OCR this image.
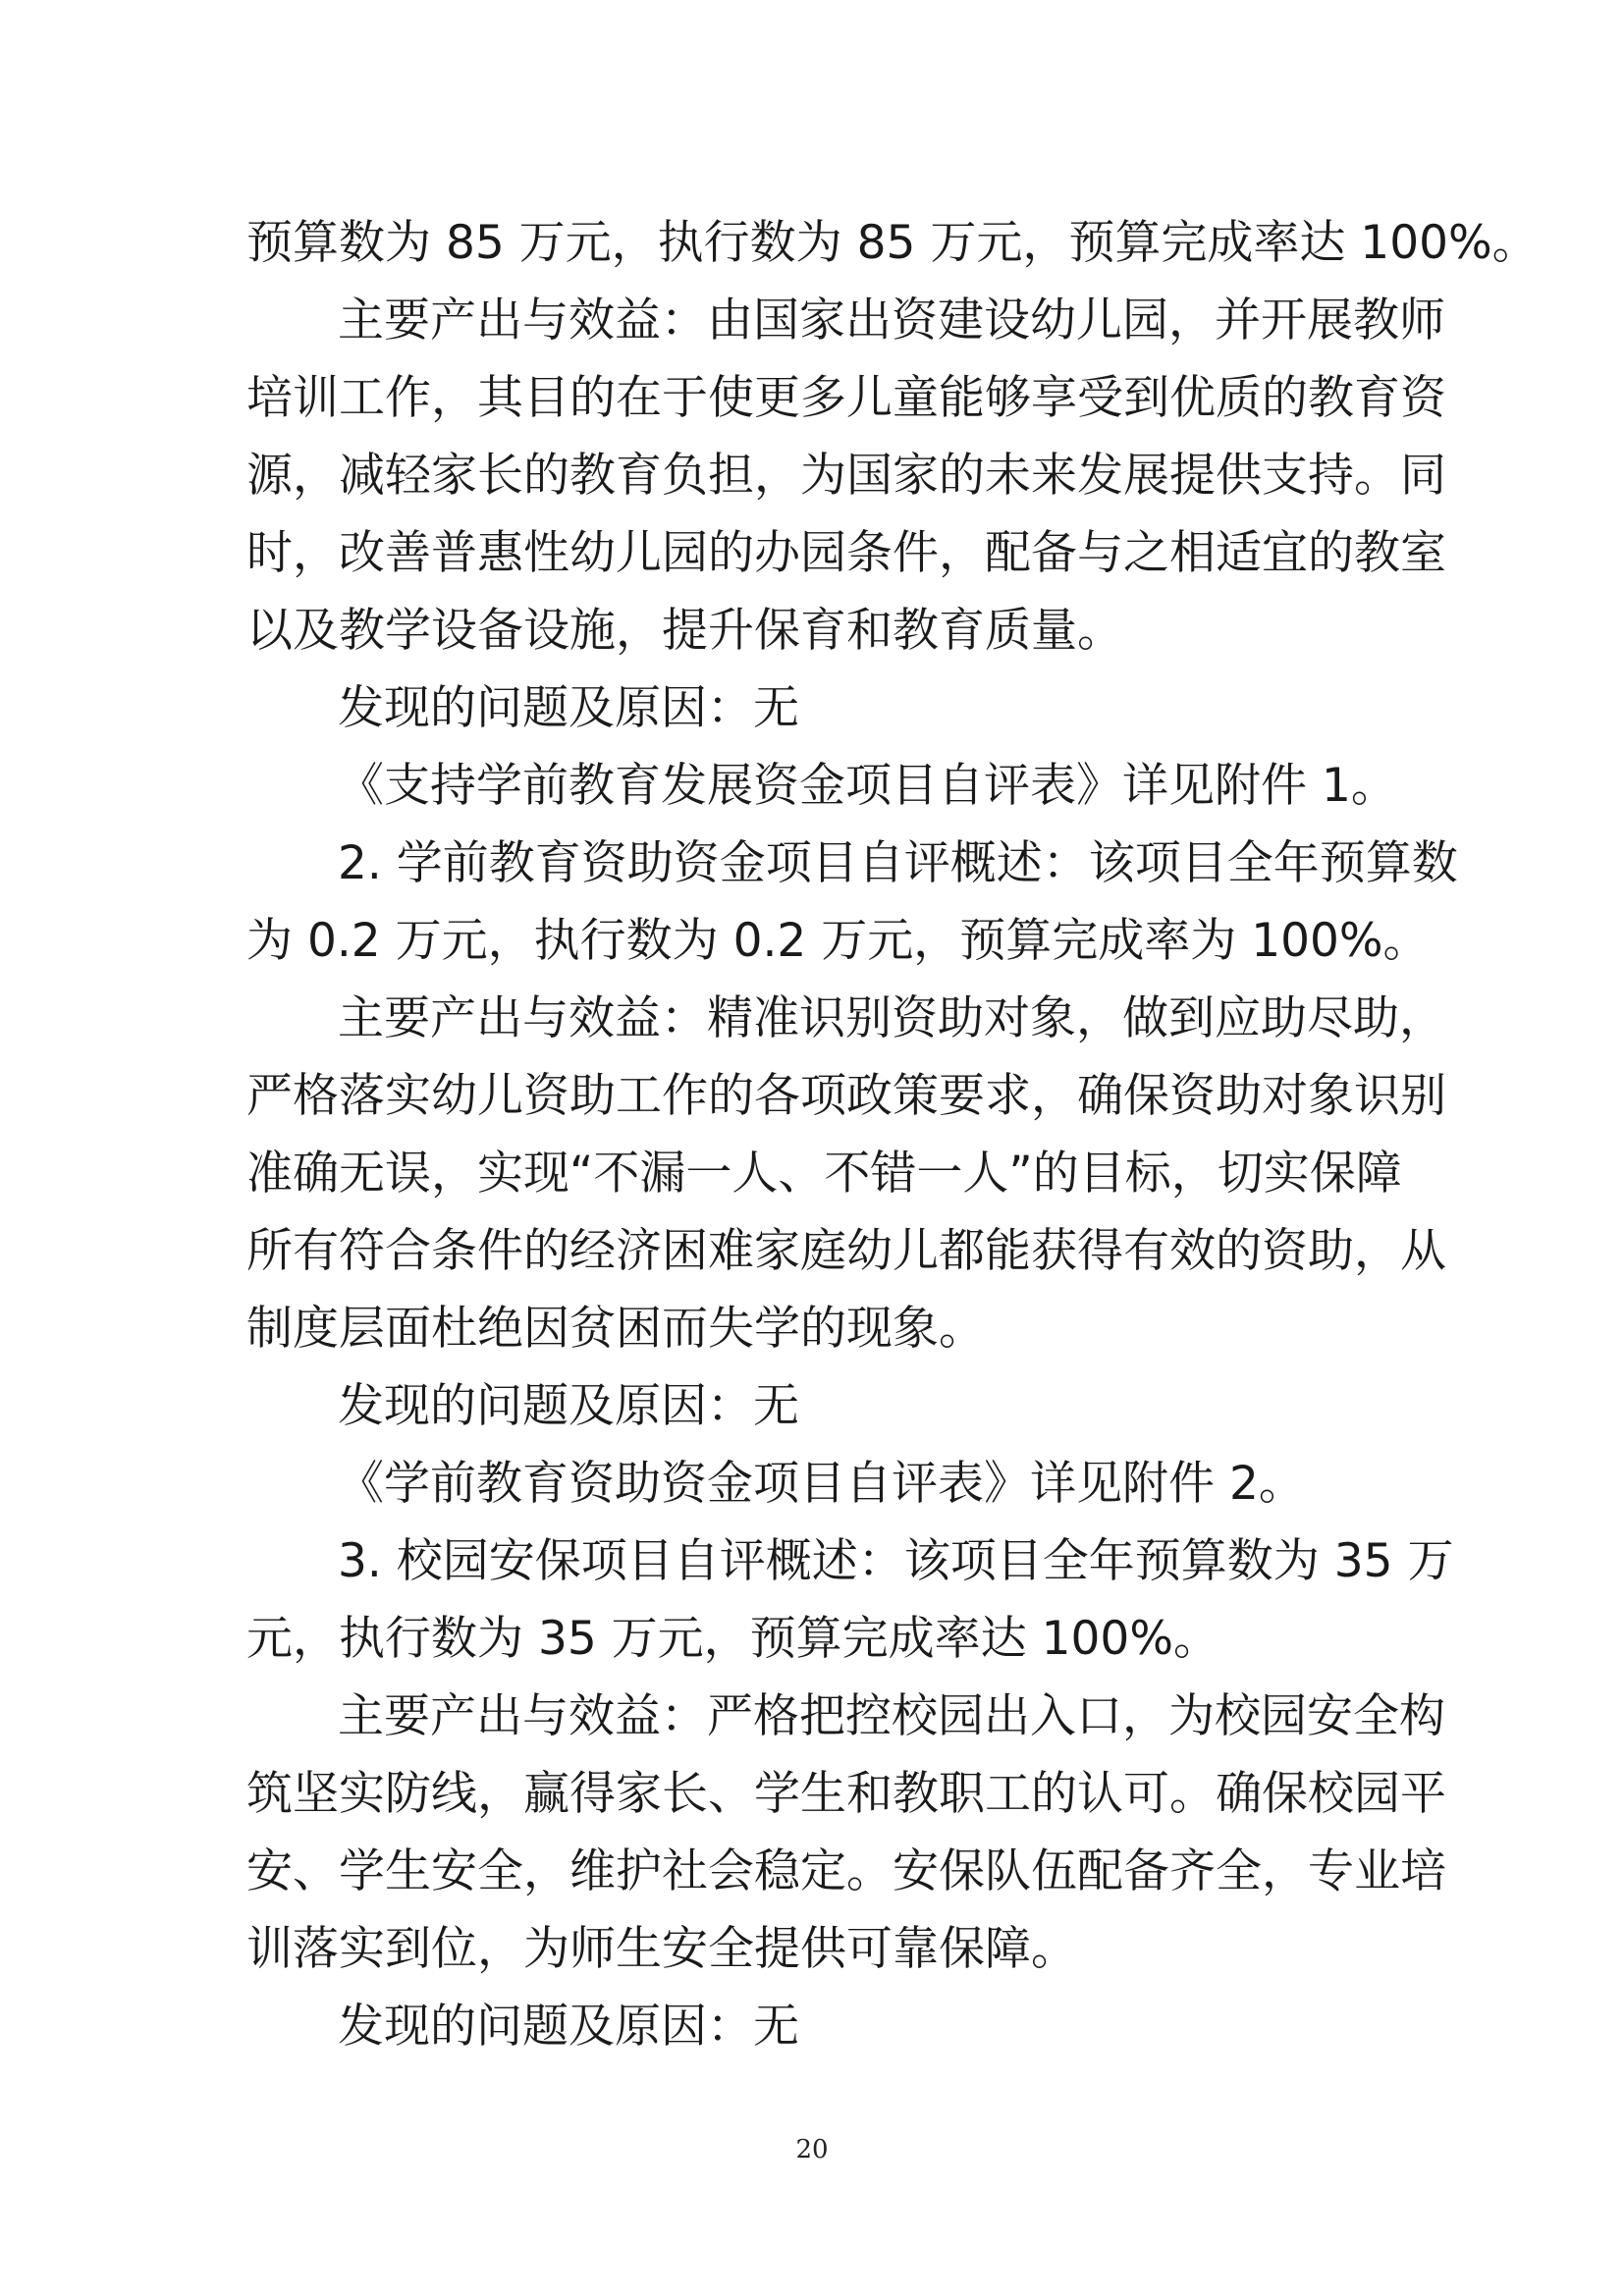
预算数为 85 万元，执行数为 85 万元，预算完成率达 100%。
主要产出与效益：由国家出资建设幼儿园，并开展教师
培训工作，其目的在于使更多儿童能够享受到优质的教育资
源，减轻家长的教育负担，为国家的未来发展提供支持。同
时，改善普惠性幼儿园的办园条件，配备与之相适宜的教室
以及教学设备设施，提升保育和教育质量。
发现的问题及原因：无
《支持学前教育发展资金项目自评表》详见附件 1。
2. 学前教育资助资金项目自评概述：该项目全年预算数
为 0.2 万元，执行数为 0.2 万元，预算完成率为 100%。
主要产出与效益：精准识别资助对象，做到应助尽助，
严格落实幼儿资助工作的各项政策要求，确保资助对象识别
准确无误，实现“不漏一人、不错一人”的目标，切实保障
所有符合条件的经济困难家庭幼儿都能获得有效的资助，从
制度层面杜绝因贫困而失学的现象。
发现的问题及原因：无
《学前教育资助资金项目自评表》详见附件 2。
3. 校园安保项目自评概述：该项目全年预算数为 35 万
元，执行数为 35 万元，预算完成率达 100%。
主要产出与效益：严格把控校园出入口，为校园安全构
筑坚实防线，赢得家长、学生和教职工的认可。确保校园平
安、学生安全，维护社会稳定。安保队伍配备齐全，专业培
训落实到位，为师生安全提供可靠保障。
发现的问题及原因：无
20
